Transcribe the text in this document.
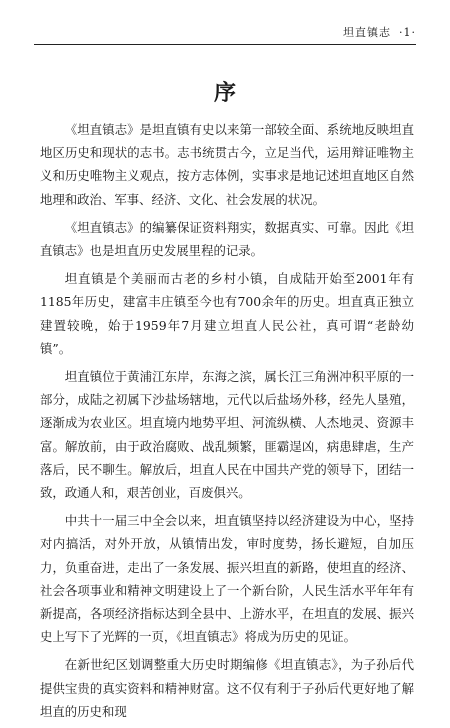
坦直镇志 ·1·
序

《坦直镇志》是坦直镇有史以来第一部较全面、系统地反映坦直地区历史和现状的志书。志书统贯古今，立足当代，运用辩证唯物主义和历史唯物主义观点，按方志体例，实事求是地记述坦直地区自然地理和政治、军事、经济、文化、社会发展的状况。

《坦直镇志》的编纂保证资料翔实，数据真实、可靠。因此《坦直镇志》也是坦直历史发展里程的记录。

坦直镇是个美丽而古老的乡村小镇，自成陆开始至2001年有1185年历史，建富丰庄镇至今也有700余年的历史。坦直真正独立建置较晚，始于1959年7月建立坦直人民公社，真可谓“老龄幼镇”。

坦直镇位于黄浦江东岸，东海之滨，属长江三角洲冲积平原的一部分，成陆之初属下沙盐场辖地，元代以后盐场外移，经先人垦殖，逐渐成为农业区。坦直境内地势平坦、河流纵横、人杰地灵、资源丰富。解放前，由于政治腐败、战乱频繁，匪霸逞凶，病患肆虐，生产落后，民不聊生。解放后，坦直人民在中国共产党的领导下，团结一致，政通人和，艰苦创业，百废俱兴。

中共十一届三中全会以来，坦直镇坚持以经济建设为中心，坚持对内搞活，对外开放，从镇情出发，审时度势，扬长避短，自加压力，负重奋进，走出了一条发展、振兴坦直的新路，使坦直的经济、社会各项事业和精神文明建设上了一个新台阶，人民生活水平年年有新提高，各项经济指标达到全县中、上游水平，在坦直的发展、振兴史上写下了光辉的一页，《坦直镇志》将成为历史的见证。

在新世纪区划调整重大历史时期编修《坦直镇志》，为子孙后代提供宝贵的真实资料和精神财富。这不仅有利于子孙后代更好地了解坦直的历史和现
